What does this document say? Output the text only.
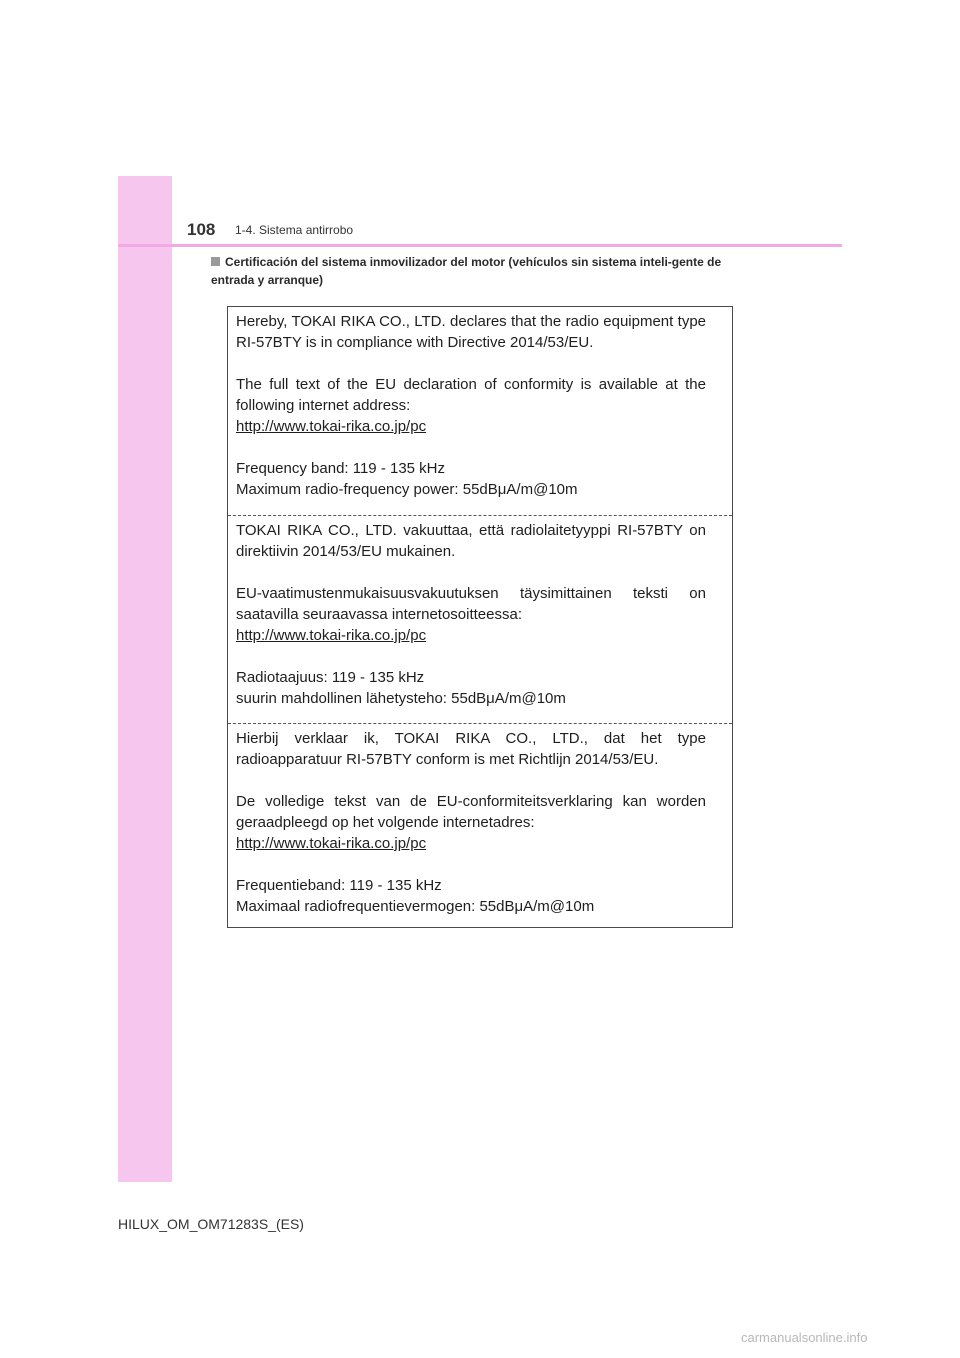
108 1-4. Sistema antirrobo
Certificación del sistema inmovilizador del motor (vehículos sin sistema inteli-gente de entrada y arranque)

Hereby, TOKAI RIKA CO., LTD. declares that the radio equipment type RI-57BTY is in compliance with Directive 2014/53/EU.

The full text of the EU declaration of conformity is available at the

following internet address:

http://www.tokai-rika.co.jp/pc

Frequency band: 119 - 135 kHz

Maximum radio-frequency power: 55dBμA/m@10m

TOKAI RIKA CO., LTD. vakuuttaa, että radiolaitetyyppi RI-57BTY on direktiivin 2014/53/EU mukainen.

EU-vaatimustenmukaisuusvakuutuksen täysimittainen teksti on

saatavilla seuraavassa internetosoitteessa:

http://www.tokai-rika.co.jp/pc

Radiotaajuus: 119 - 135 kHz

suurin mahdollinen lähetysteho: 55dBμA/m@10m

Hierbij verklaar ik, TOKAI RIKA CO., LTD., dat het type radioapparatuur RI-57BTY conform is met Richtlijn 2014/53/EU.

De volledige tekst van de EU-conformiteitsverklaring kan worden

geraadpleegd op het volgende internetadres:

http://www.tokai-rika.co.jp/pc

Frequentieband: 119 - 135 kHz

Maximaal radiofrequentievermogen: 55dBμA/m@10m

HILUX_OM_OM71283S_(ES)
carmanualsonline.info
